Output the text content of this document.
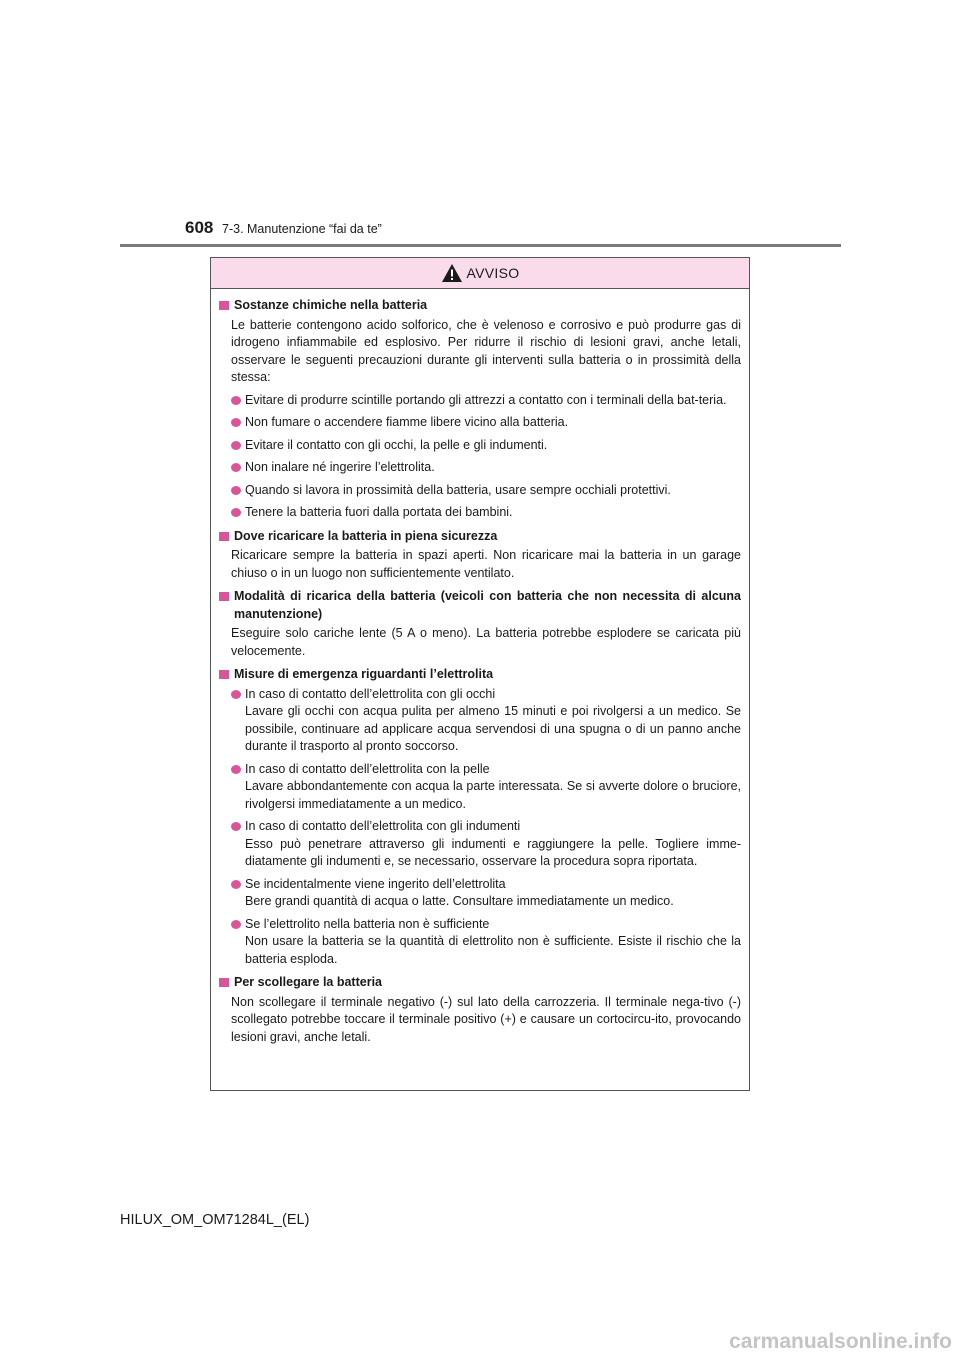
608 7-3. Manutenzione “fai da te”
AVVISO
Sostanze chimiche nella batteria
Le batterie contengono acido solforico, che è velenoso e corrosivo e può produrre gas di idrogeno infiammabile ed esplosivo. Per ridurre il rischio di lesioni gravi, anche letali, osservare le seguenti precauzioni durante gli interventi sulla batteria o in prossimità della stessa:
Evitare di produrre scintille portando gli attrezzi a contatto con i terminali della bat-teria.
Non fumare o accendere fiamme libere vicino alla batteria.
Evitare il contatto con gli occhi, la pelle e gli indumenti.
Non inalare né ingerire l’elettrolita.
Quando si lavora in prossimità della batteria, usare sempre occhiali protettivi.
Tenere la batteria fuori dalla portata dei bambini.
Dove ricaricare la batteria in piena sicurezza
Ricaricare sempre la batteria in spazi aperti. Non ricaricare mai la batteria in un garage chiuso o in un luogo non sufficientemente ventilato.
Modalità di ricarica della batteria (veicoli con batteria che non necessita di alcuna manutenzione)
Eseguire solo cariche lente (5 A o meno). La batteria potrebbe esplodere se caricata più velocemente.
Misure di emergenza riguardanti l’elettrolita
In caso di contatto dell’elettrolita con gli occhi
Lavare gli occhi con acqua pulita per almeno 15 minuti e poi rivolgersi a un medico. Se possibile, continuare ad applicare acqua servendosi di una spugna o di un panno anche durante il trasporto al pronto soccorso.
In caso di contatto dell’elettrolita con la pelle
Lavare abbondantemente con acqua la parte interessata. Se si avverte dolore o bruciore, rivolgersi immediatamente a un medico.
In caso di contatto dell’elettrolita con gli indumenti
Esso può penetrare attraverso gli indumenti e raggiungere la pelle. Togliere imme-diatamente gli indumenti e, se necessario, osservare la procedura sopra riportata.
Se incidentalmente viene ingerito dell’elettrolita
Bere grandi quantità di acqua o latte. Consultare immediatamente un medico.
Se l’elettrolito nella batteria non è sufficiente
Non usare la batteria se la quantità di elettrolito non è sufficiente. Esiste il rischio che la batteria esploda.
Per scollegare la batteria
Non scollegare il terminale negativo (-) sul lato della carrozzeria. Il terminale nega-tivo (-) scollegato potrebbe toccare il terminale positivo (+) e causare un cortocircu-ito, provocando lesioni gravi, anche letali.
HILUX_OM_OM71284L_(EL)
carmanualsonline.info
